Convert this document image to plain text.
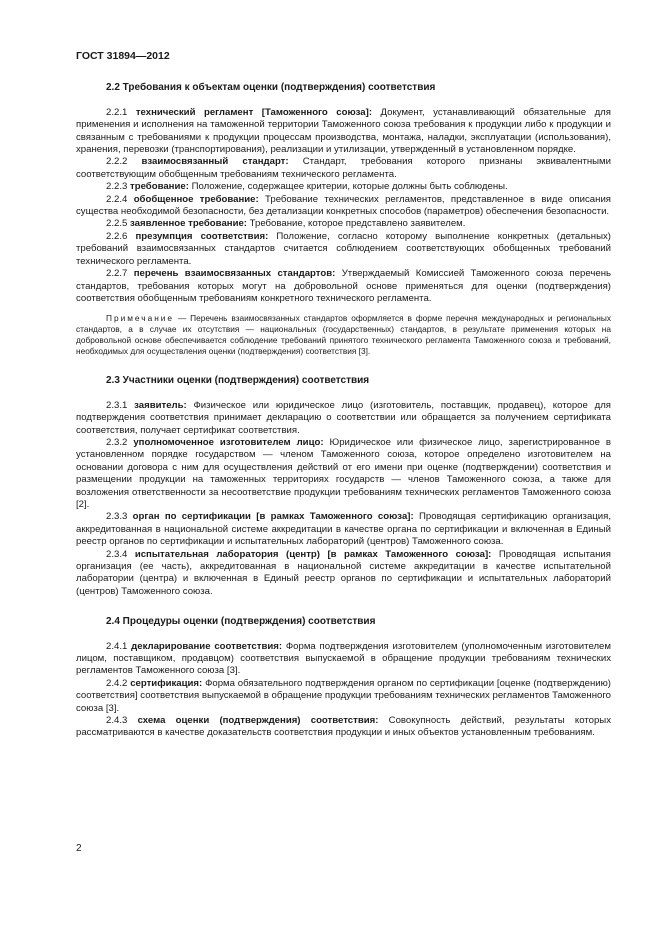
ГОСТ 31894—2012
2.2 Требования к объектам оценки (подтверждения) соответствия

2.2.1 технический регламент [Таможенного союза]: Документ, устанавливающий обязательные для применения и исполнения на таможенной территории Таможенного союза требования к продукции либо к продукции и связанным с требованиями к продукции процессам производства, монтажа, наладки, эксплуатации (использования), хранения, перевозки (транспортирования), реализации и утилизации, утвержденный в установленном порядке.

2.2.2 взаимосвязанный стандарт: Стандарт, требования которого признаны эквивалентными соответствующим обобщенным требованиям технического регламента.

2.2.3 требование: Положение, содержащее критерии, которые должны быть соблюдены.

2.2.4 обобщенное требование: Требование технических регламентов, представленное в виде описания существа необходимой безопасности, без детализации конкретных способов (параметров) обеспечения безопасности.

2.2.5 заявленное требование: Требование, которое представлено заявителем.

2.2.6 презумпция соответствия: Положение, согласно которому выполнение конкретных (детальных) требований взаимосвязанных стандартов считается соблюдением соответствующих обобщенных требований технического регламента.

2.2.7 перечень взаимосвязанных стандартов: Утверждаемый Комиссией Таможенного союза перечень стандартов, требования которых могут на добровольной основе применяться для оценки (подтверждения) соответствия обобщенным требованиям конкретного технического регламента.

Примечание — Перечень взаимосвязанных стандартов оформляется в форме перечня международных и региональных стандартов, а в случае их отсутствия — национальных (государственных) стандартов, в результате применения которых на добровольной основе обеспечивается соблюдение требований принятого технического регламента Таможенного союза и требований, необходимых для осуществления оценки (подтверждения) соответствия [3].
2.3 Участники оценки (подтверждения) соответствия

2.3.1 заявитель: Физическое или юридическое лицо (изготовитель, поставщик, продавец), которое для подтверждения соответствия принимает декларацию о соответствии или обращается за получением сертификата соответствия, получает сертификат соответствия.

2.3.2 уполномоченное изготовителем лицо: Юридическое или физическое лицо, зарегистрированное в установленном порядке государством — членом Таможенного союза, которое определено изготовителем на основании договора с ним для осуществления действий от его имени при оценке (подтверждении) соответствия и размещении продукции на таможенных территориях государств — членов Таможенного союза, а также для возложения ответственности за несоответствие продукции требованиям технических регламентов Таможенного союза [2].

2.3.3 орган по сертификации [в рамках Таможенного союза]: Проводящая сертификацию организация, аккредитованная в национальной системе аккредитации в качестве органа по сертификации и включенная в Единый реестр органов по сертификации и испытательных лабораторий (центров) Таможенного союза.

2.3.4 испытательная лаборатория (центр) [в рамках Таможенного союза]: Проводящая испытания организация (ее часть), аккредитованная в национальной системе аккредитации в качестве испытательной лаборатории (центра) и включенная в Единый реестр органов по сертификации и испытательных лабораторий (центров) Таможенного союза.

2.4 Процедуры оценки (подтверждения) соответствия

2.4.1 декларирование соответствия: Форма подтверждения изготовителем (уполномоченным изготовителем лицом, поставщиком, продавцом) соответствия выпускаемой в обращение продукции требованиям технических регламентов Таможенного союза [3].

2.4.2 сертификация: Форма обязательного подтверждения органом по сертификации [оценке (подтверждению) соответствия] соответствия выпускаемой в обращение продукции требованиям технических регламентов Таможенного союза [3].

2.4.3 схема оценки (подтверждения) соответствия: Совокупность действий, результаты которых рассматриваются в качестве доказательств соответствия продукции и иных объектов установленным требованиям.

2
